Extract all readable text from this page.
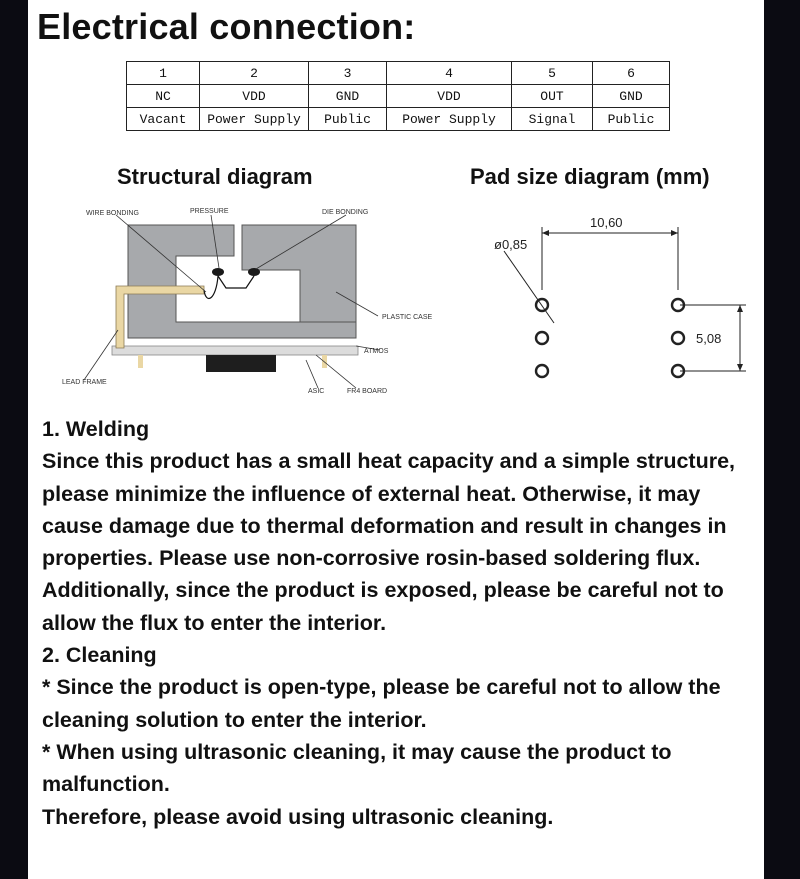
Electrical connection:
1	2	3	4	5	6
NC	VDD	GND	VDD	OUT	GND
Vacant	Power Supply	Public	Power Supply	Signal	Public
Structural diagram	Pad size diagram (mm)
WIRE BONDING	PRESSURE	DIE BONDING
PLASTIC CASE
ATMOS
LEAD FRAME
ASIC	FR4 BOARD
ø0,85
10,60
5,08

1. Welding

Since this product has a small heat capacity and a simple structure, please minimize the influence of external heat. Otherwise, it may cause damage due to thermal deformation and result in changes in properties. Please use non-corrosive rosin-based soldering flux. Additionally, since the product is exposed, please be careful not to allow the flux to enter the interior.

2. Cleaning

* Since the product is open-type, please be careful not to allow the cleaning solution to enter the interior.

* When using ultrasonic cleaning, it may cause the product to malfunction.

Therefore, please avoid using ultrasonic cleaning.
